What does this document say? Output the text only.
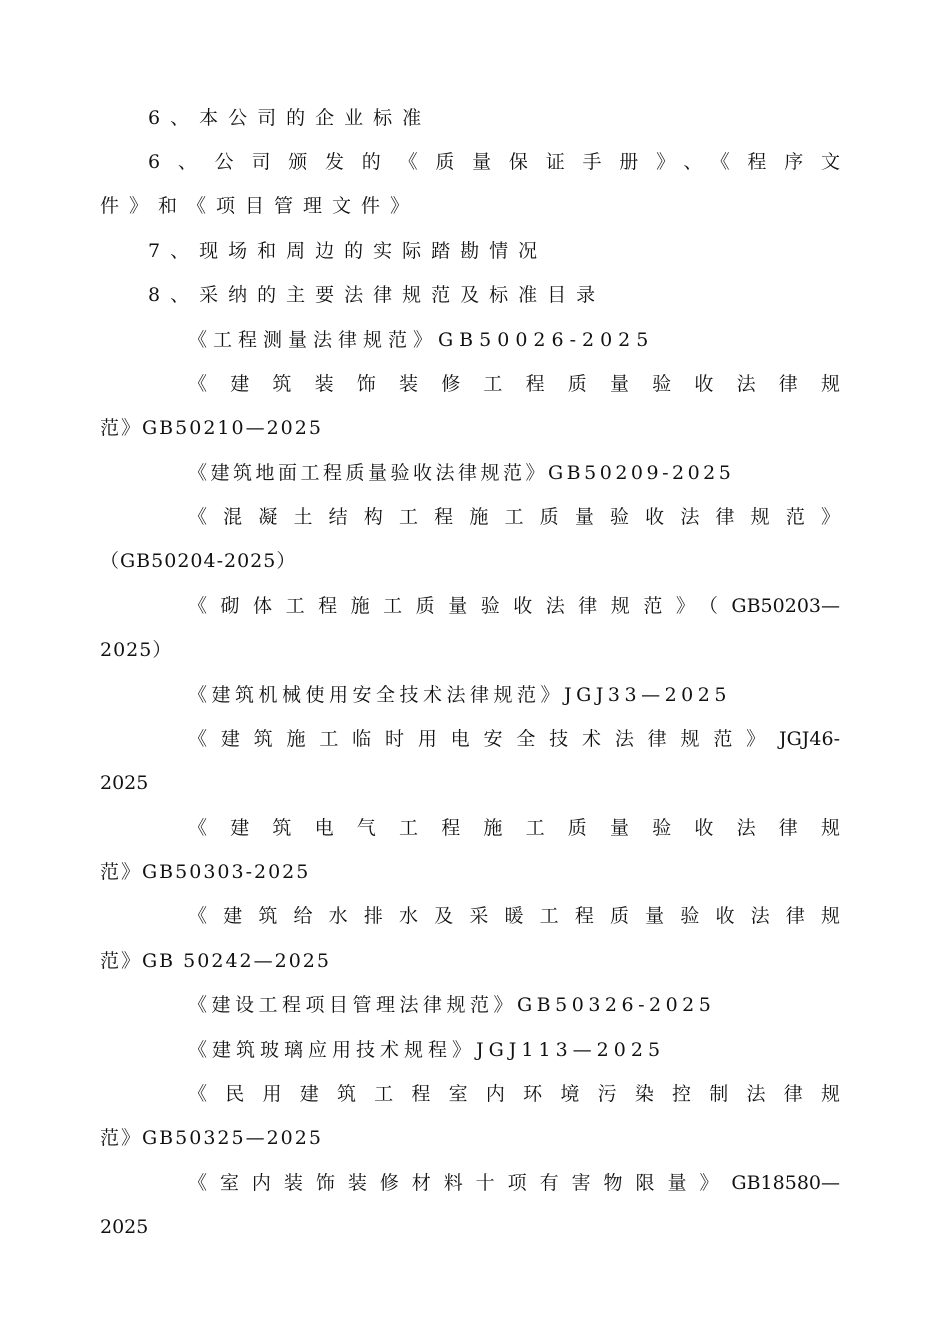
6、本公司的企业标准
6、公司颁发的《质量保证手册》、《程序文
件》和《项目管理文件》
7、现场和周边的实际踏勘情况
8、采纳的主要法律规范及标准目录
《工程测量法律规范》GB50026-2025
《建筑装饰装修工程质量验收法律规
范》GB50210—2025
《建筑地面工程质量验收法律规范》GB50209-2025
《混凝土结构工程施工质量验收法律规范》
（GB50204-2025）
《砌体工程施工质量验收法律规范》（GB50203—
2025）
《建筑机械使用安全技术法律规范》JGJ33—2025
《建筑施工临时用电安全技术法律规范》JGJ46-
2025
《建筑电气工程施工质量验收法律规
范》GB50303-2025
《建筑给水排水及采暖工程质量验收法律规
范》GB 50242—2025
《建设工程项目管理法律规范》GB50326-2025
《建筑玻璃应用技术规程》JGJ113—2025
《民用建筑工程室内环境污染控制法律规
范》GB50325—2025
《室内装饰装修材料十项有害物限量》GB18580—
2025
